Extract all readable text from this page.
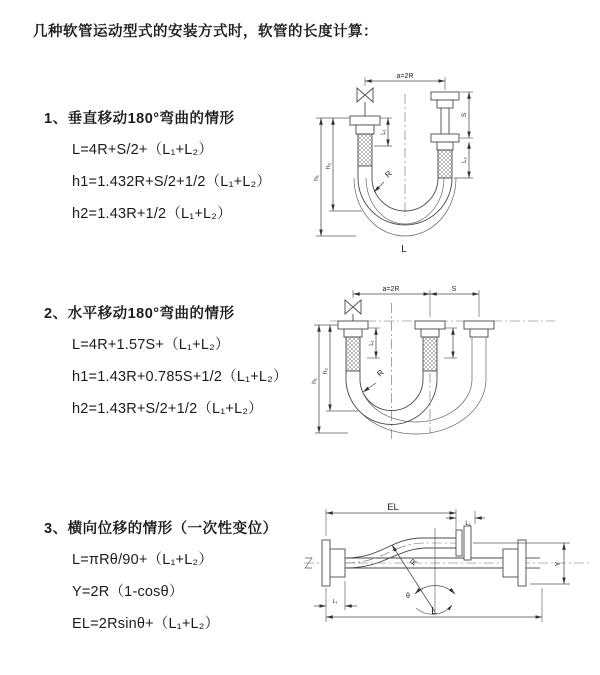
几种软管运动型式的安装方式时，软管的长度计算：
1、垂直移动180°弯曲的情形
L=4R+S/2+（L₁+L₂）
h1=1.432R+S/2+1/2（L₁+L₂）
h2=1.43R+1/2（L₁+L₂）
2、水平移动180°弯曲的情形
L=4R+1.57S+（L₁+L₂）
h1=1.43R+0.785S+1/2（L₁+L₂）
h2=1.43R+S/2+1/2（L₁+L₂）
3、横向位移的情形（一次性变位）
L=πRθ/90+（L₁+L₂）
Y=2R（1-cosθ）
EL=2Rsinθ+（L₁+L₂）
a=2R
S
L₂
L₁
h₁
h₂
R
L
a=2R	S
L₁
h₁
h₂	R
EL
L₁
Y
R
θ
L
L₁
